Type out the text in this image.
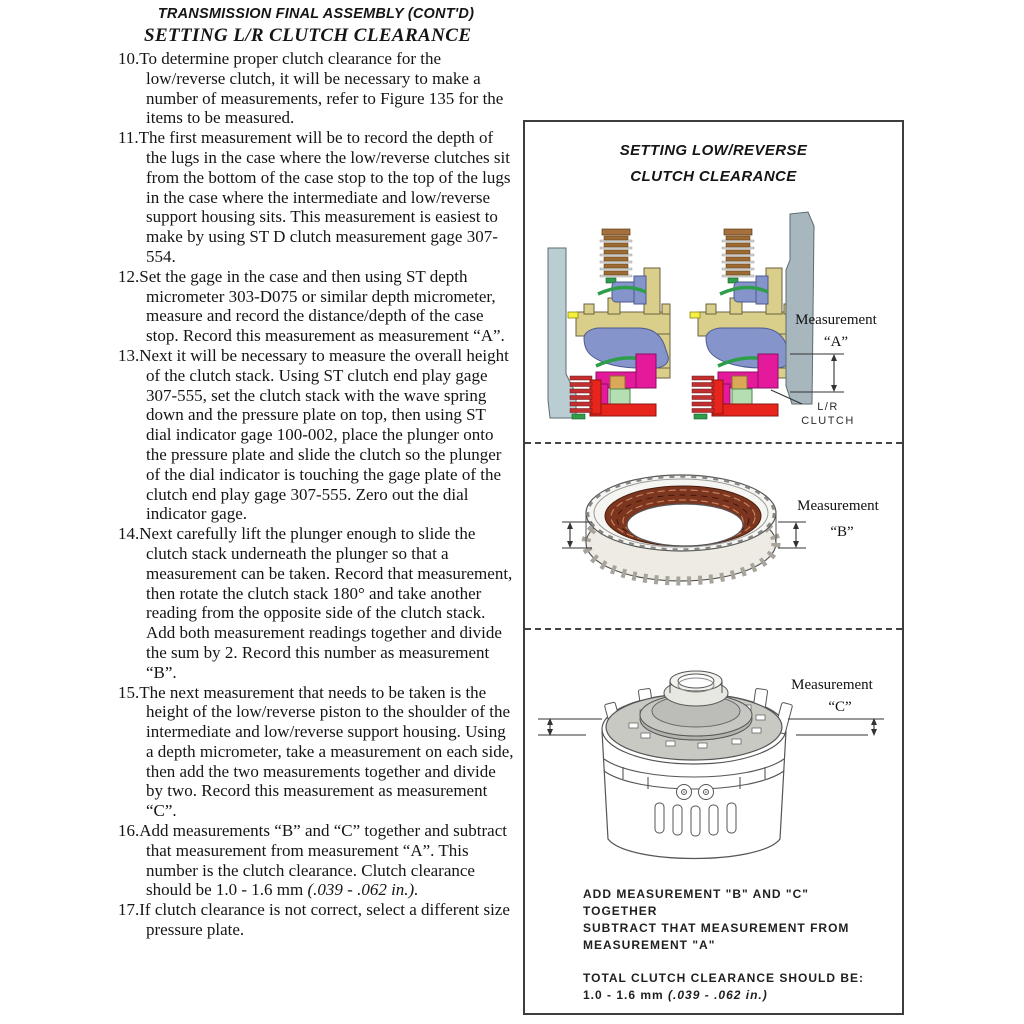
TRANSMISSION FINAL ASSEMBLY (CONT'D)
SETTING L/R CLUTCH CLEARANCE
10.To determine proper clutch clearance for the low/reverse clutch, it will be necessary to make a number of measurements, refer to Figure 135 for the items to be measured.
11.The first measurement will be to record the depth of the lugs in the case where the low/reverse clutches sit from the bottom of the case stop to the top of the lugs in the case where the intermediate and low/reverse support housing sits. This measurement is easiest to make by using ST D clutch measurement gage 307-554.
12.Set the gage in the case and then using ST depth micrometer 303-D075 or similar depth micrometer, measure and record the distance/depth of the case stop. Record this measurement as measurement “A”.
13.Next it will be necessary to measure the overall height of the clutch stack. Using ST clutch end play gage 307-555, set the clutch stack with the wave spring down and the pressure plate on top, then using ST dial indicator gage 100-002, place the plunger onto the pressure plate and slide the clutch so the plunger of the dial indicator is touching the gage plate of the clutch end play gage 307-555. Zero out the dial indicator gage.
14.Next carefully lift the plunger enough to slide the clutch stack underneath the plunger so that a measurement can be taken. Record that measurement, then rotate the clutch stack 180° and take another reading from the opposite side of the clutch stack. Add both measurement readings together and divide the sum by 2. Record this number as measurement “B”.
15.The next measurement that needs to be taken is the height of the low/reverse piston to the shoulder of the intermediate and low/reverse support housing. Using a depth micrometer, take a measurement on each side, then add the two measurements together and divide by two. Record this measurement as measurement “C”.
16.Add measurements “B” and “C” together and subtract that measurement from measurement “A”. This number is the clutch clearance. Clutch clearance should be 1.0 - 1.6 mm (.039 - .062 in.).
17.If clutch clearance is not correct, select a different size pressure plate.
SETTING LOW/REVERSE
CLUTCH CLEARANCE
Measurement
“A”
L/R
CLUTCH
Measurement
“B”
Measurement
“C”
ADD MEASUREMENT "B" AND "C" TOGETHER
SUBTRACT THAT MEASUREMENT FROM
MEASUREMENT "A"
TOTAL CLUTCH CLEARANCE SHOULD BE:
1.0 - 1.6 mm (.039 - .062 in.)
